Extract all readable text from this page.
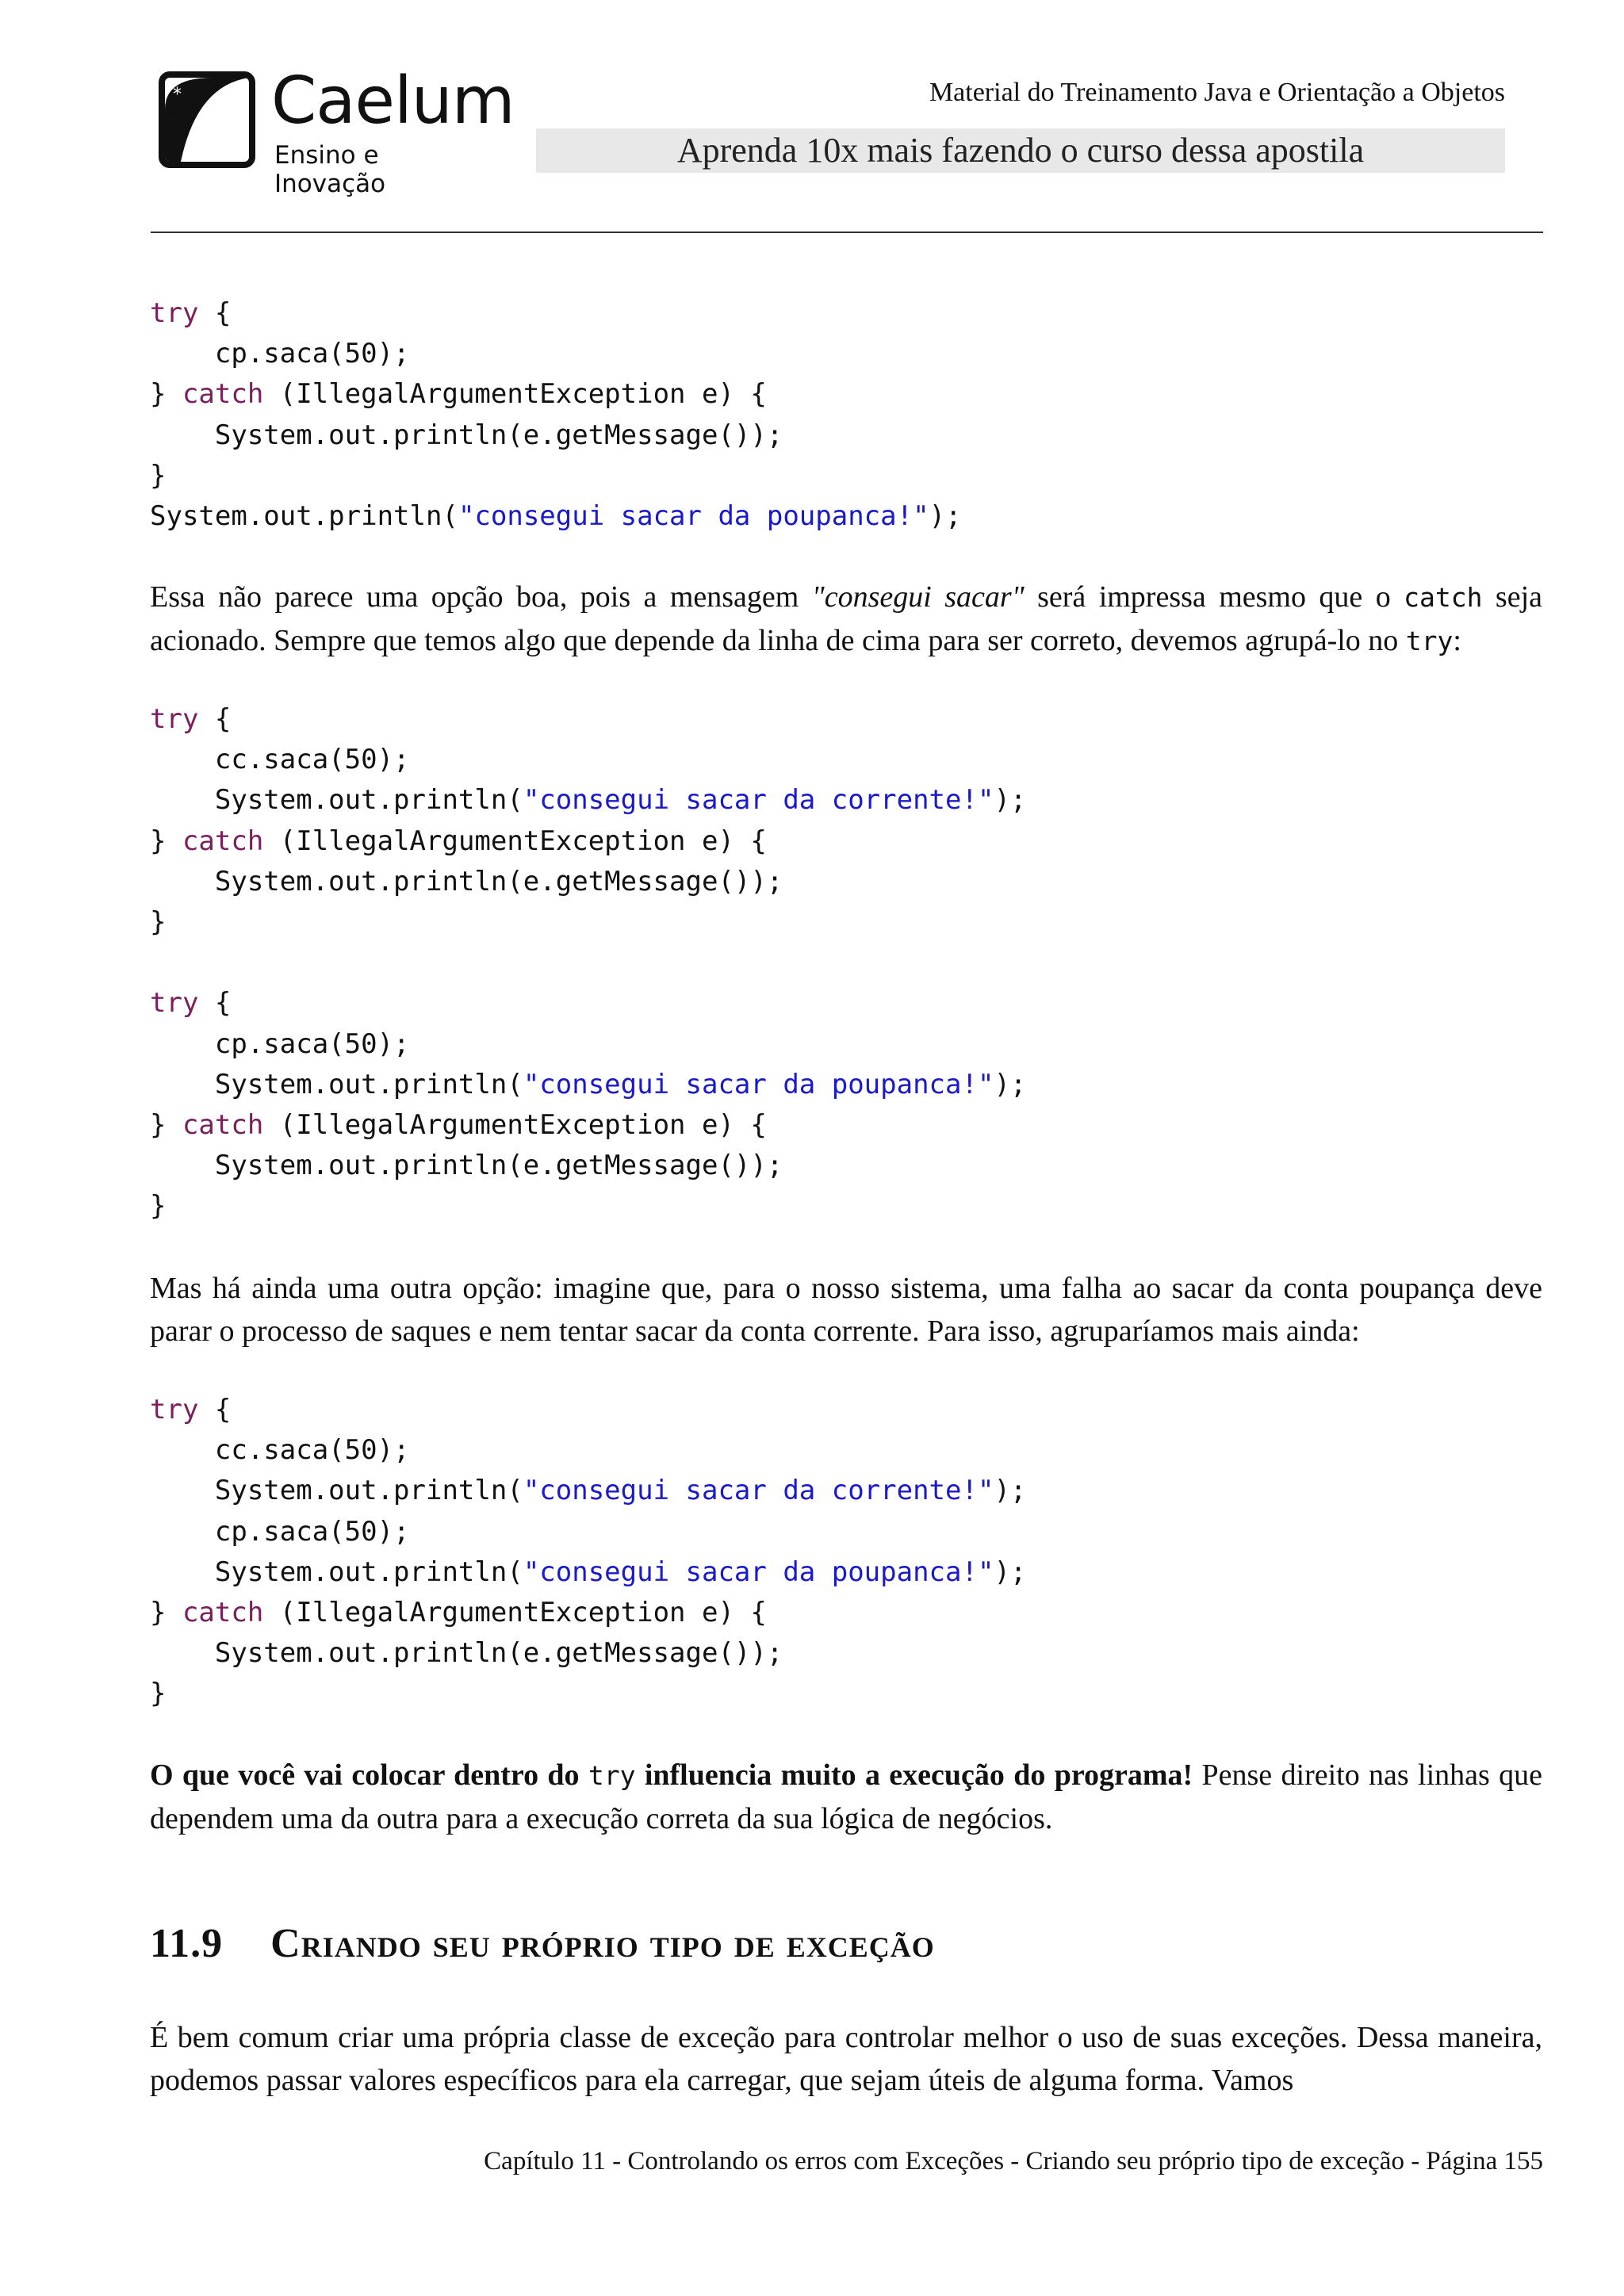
* Caelum
Ensino e Inovação
Material do Treinamento Java e Orientação a Objetos
Aprenda 10x mais fazendo o curso dessa apostila
try {
cp.saca(50);
} catch (IllegalArgumentException e) {
System.out.println(e.getMessage());
}
System.out.println("consegui sacar da poupanca!");

Essa não parece uma opção boa, pois a mensagem "consegui sacar" será impressa mesmo que o catch seja acionado. Sempre que temos algo que depende da linha de cima para ser correto, devemos agrupá-lo no try:

try {
cc.saca(50);
System.out.println("consegui sacar da corrente!");
} catch (IllegalArgumentException e) {
System.out.println(e.getMessage());
}
try {
cp.saca(50);
System.out.println("consegui sacar da poupanca!");
} catch (IllegalArgumentException e) {
System.out.println(e.getMessage());
}

Mas há ainda uma outra opção: imagine que, para o nosso sistema, uma falha ao sacar da conta poupança deve parar o processo de saques e nem tentar sacar da conta corrente. Para isso, agruparíamos mais ainda:

try {
cc.saca(50);
System.out.println("consegui sacar da corrente!");
cp.saca(50);
System.out.println("consegui sacar da poupanca!");
} catch (IllegalArgumentException e) {
System.out.println(e.getMessage());
}

O que você vai colocar dentro do try influencia muito a execução do programa! Pense direito nas linhas que dependem uma da outra para a execução correta da sua lógica de negócios.

11.9 Criando seu próprio tipo de exceção

É bem comum criar uma própria classe de exceção para controlar melhor o uso de suas exceções. Dessa maneira, podemos passar valores específicos para ela carregar, que sejam úteis de alguma forma. Vamos

Capítulo 11 - Controlando os erros com Exceções - Criando seu próprio tipo de exceção - Página 155
